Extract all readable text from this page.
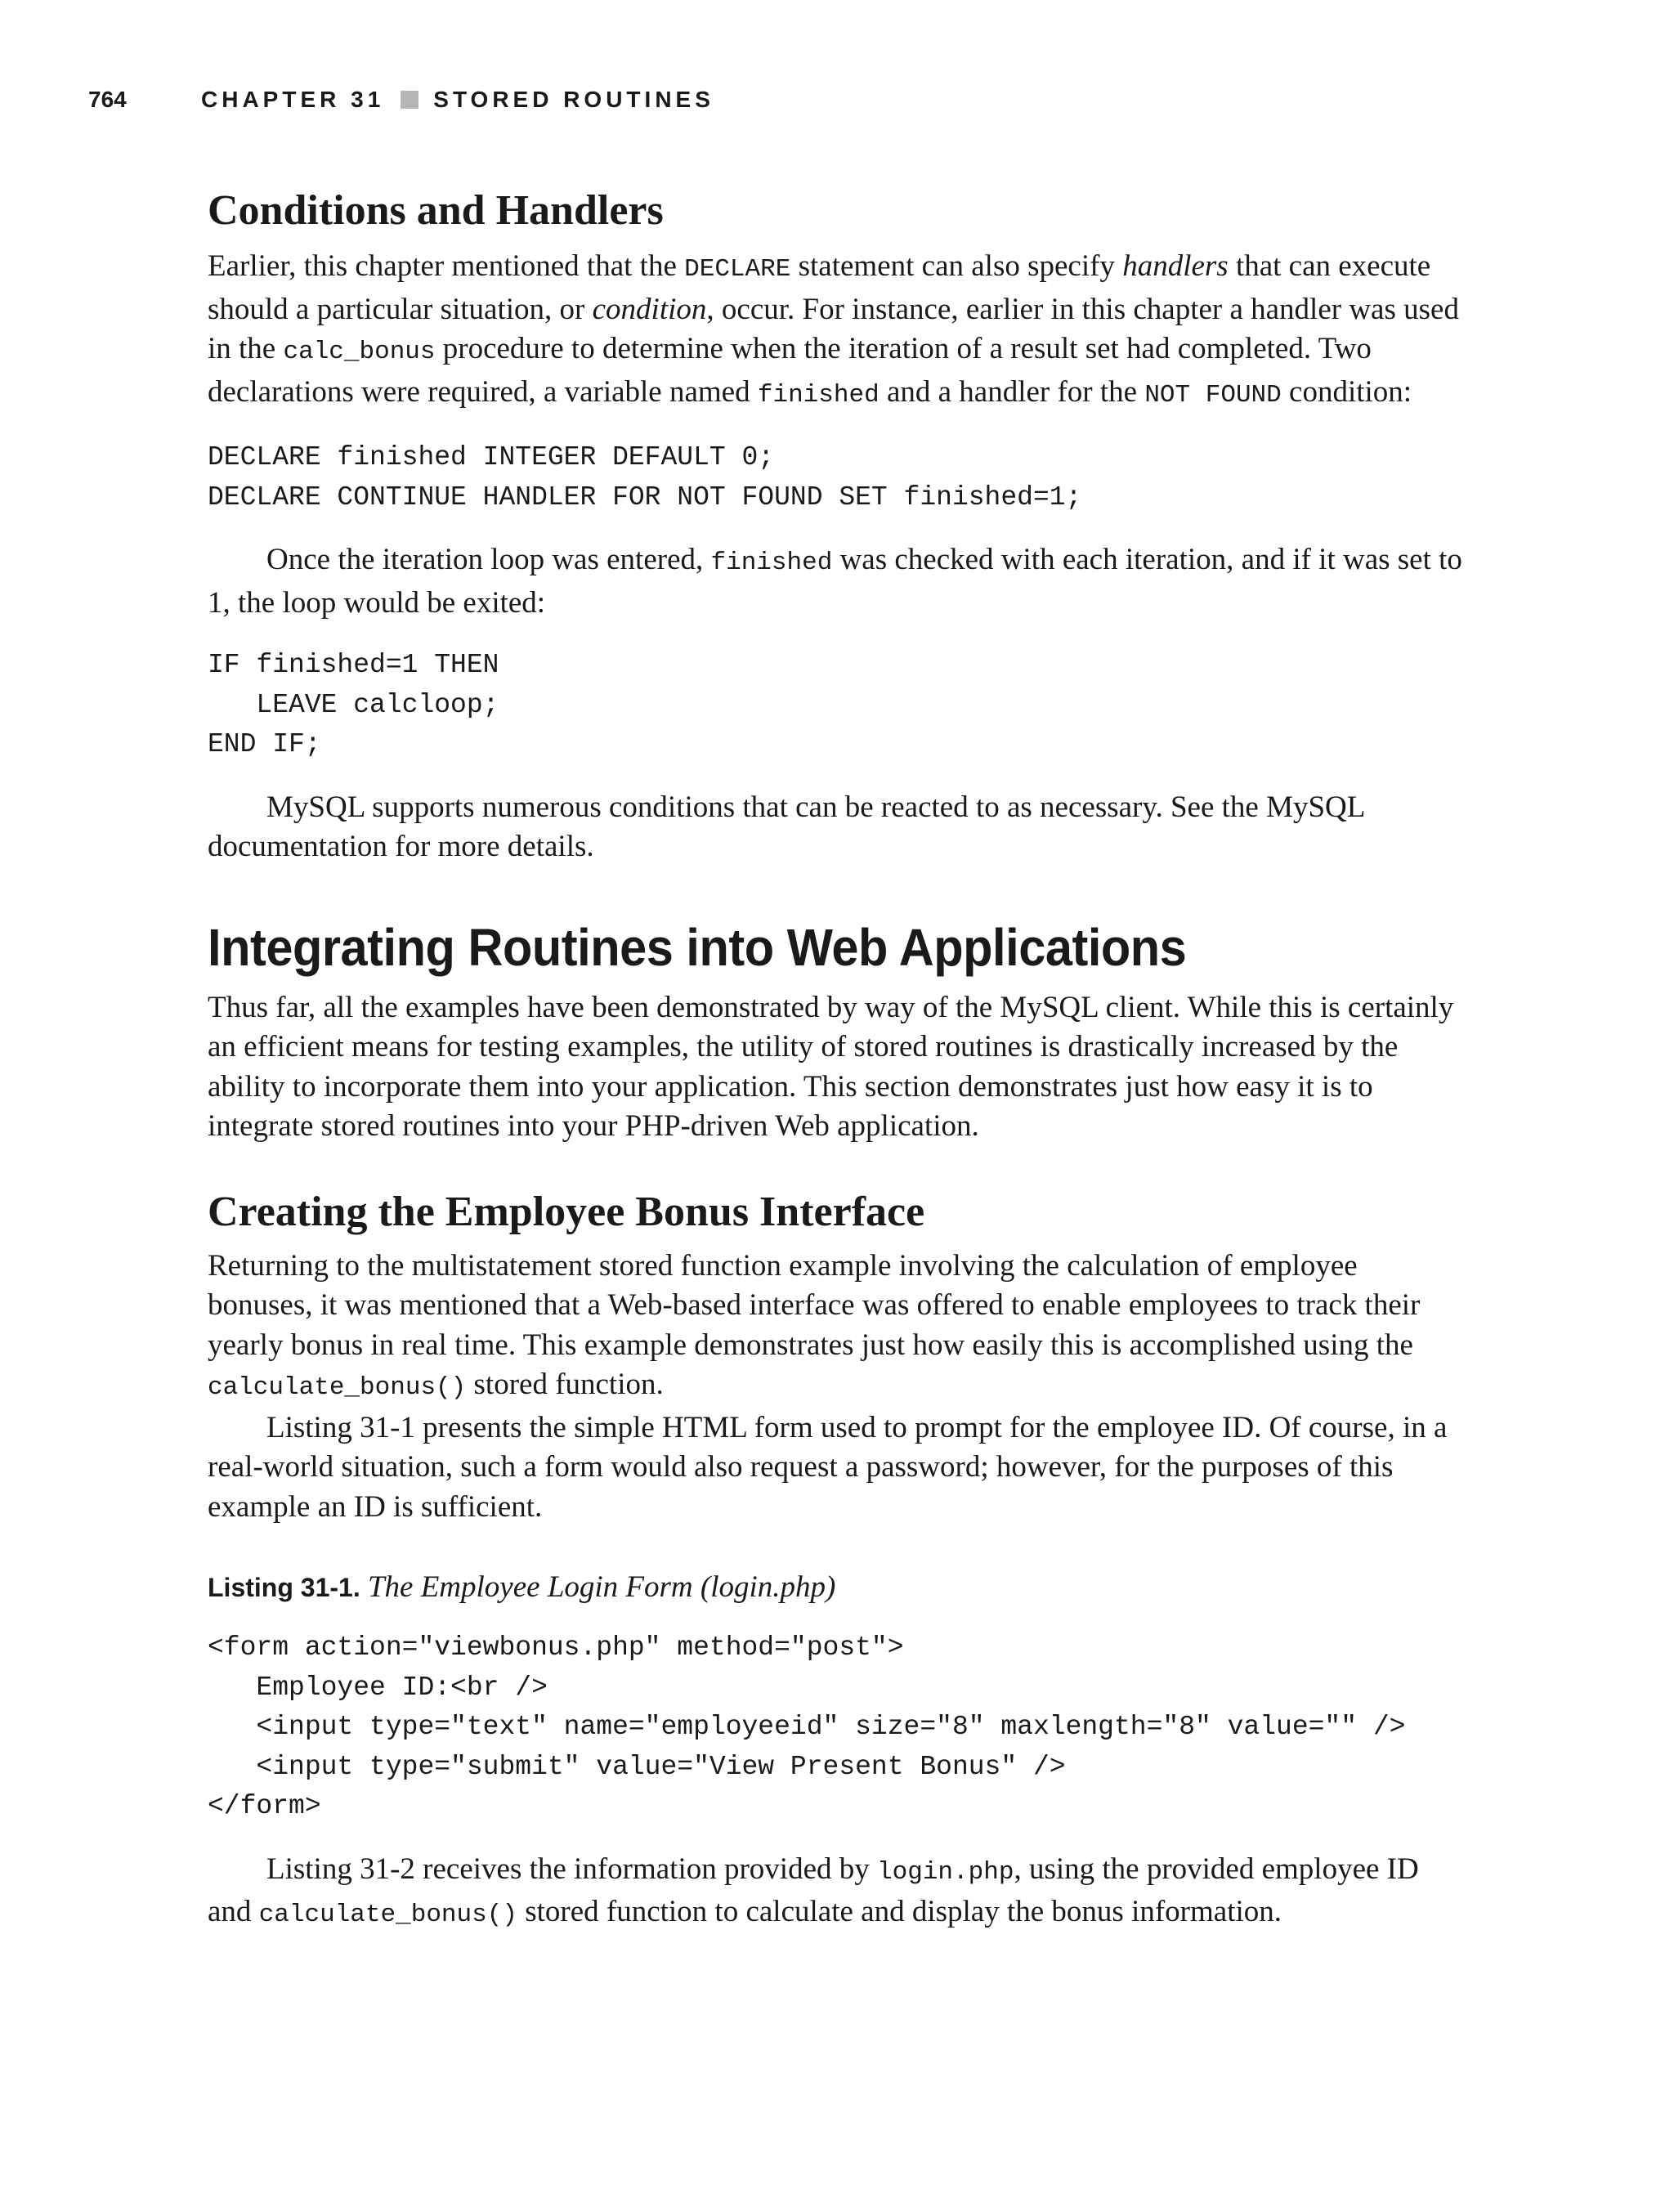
764	CHAPTER 31 STORED ROUTINES
Conditions and Handlers

Earlier, this chapter mentioned that the DECLARE statement can also specify handlers that can execute should a particular situation, or condition, occur. For instance, earlier in this chapter a handler was used in the calc_bonus procedure to determine when the iteration of a result set had completed. Two declarations were required, a variable named finished and a handler for the NOT FOUND condition:

DECLARE finished INTEGER DEFAULT 0;
DECLARE CONTINUE HANDLER FOR NOT FOUND SET finished=1;

Once the iteration loop was entered, finished was checked with each iteration, and if it was set to 1, the loop would be exited:

IF finished=1 THEN
LEAVE calcloop;
END IF;

MySQL supports numerous conditions that can be reacted to as necessary. See the MySQL documentation for more details.

Integrating Routines into Web Applications

Thus far, all the examples have been demonstrated by way of the MySQL client. While this is certainly an efficient means for testing examples, the utility of stored routines is drastically increased by the ability to incorporate them into your application. This section demonstrates just how easy it is to integrate stored routines into your PHP-driven Web application.

Creating the Employee Bonus Interface

Returning to the multistatement stored function example involving the calculation of employee bonuses, it was mentioned that a Web-based interface was offered to enable employees to track their yearly bonus in real time. This example demonstrates just how easily this is accomplished using the calculate_bonus() stored function.

Listing 31-1 presents the simple HTML form used to prompt for the employee ID. Of course, in a real-world situation, such a form would also request a password; however, for the purposes of this example an ID is sufficient.

Listing 31-1. The Employee Login Form (login.php)

<form action="viewbonus.php" method="post">
Employee ID:<br />
<input type="text" name="employeeid" size="8" maxlength="8" value="" />
<input type="submit" value="View Present Bonus" />
</form>

Listing 31-2 receives the information provided by login.php, using the provided employee ID and calculate_bonus() stored function to calculate and display the bonus information.
